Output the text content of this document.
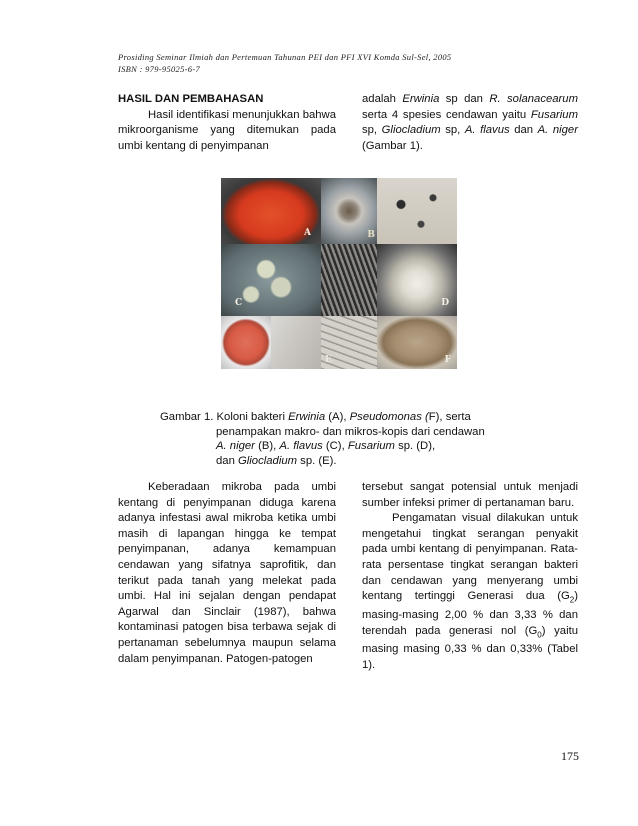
Prosiding Seminar Ilmiah dan Pertemuan Tahunan PEI dan PFI XVI Komda Sul-Sel, 2005
ISBN : 979-95025-6-7

HASIL DAN PEMBAHASAN

Hasil identifikasi menunjukkan bahwa mikroorganisme yang ditemukan pada umbi kentang di penyimpanan

adalah Erwinia sp dan R. solanacearum serta 4 spesies cendawan yaitu Fusarium sp, Gliocladium sp, A. flavus dan A. niger (Gambar 1).

A	B
C	D
E	F
Gambar 1. Koloni bakteri Erwinia (A), Pseudomonas (F), serta
penampakan makro- dan mikros-kopis dari cendawan
A. niger (B), A. flavus (C), Fusarium sp. (D),
dan Gliocladium sp. (E).

Keberadaan mikroba pada umbi kentang di penyimpanan diduga karena adanya infestasi awal mikroba ketika umbi masih di lapangan hingga ke tempat penyimpanan, adanya kemampuan cendawan yang sifatnya saprofitik, dan terikut pada tanah yang melekat pada umbi. Hal ini sejalan dengan pendapat Agarwal dan Sinclair (1987), bahwa kontaminasi patogen bisa terbawa sejak di pertanaman sebelumnya maupun selama dalam penyimpanan. Patogen-patogen

tersebut sangat potensial untuk menjadi sumber infeksi primer di pertanaman baru.

Pengamatan visual dilakukan untuk mengetahui tingkat serangan penyakit pada umbi kentang di penyimpanan. Rata-rata persentase tingkat serangan bakteri dan cendawan yang menyerang umbi kentang tertinggi Generasi dua $(G_2)$ masing-masing 2,00 % dan 3,33 % dan terendah pada generasi nol $(G_0)$ yaitu masing masing 0,33 % dan 0,33% (Tabel 1).

175
